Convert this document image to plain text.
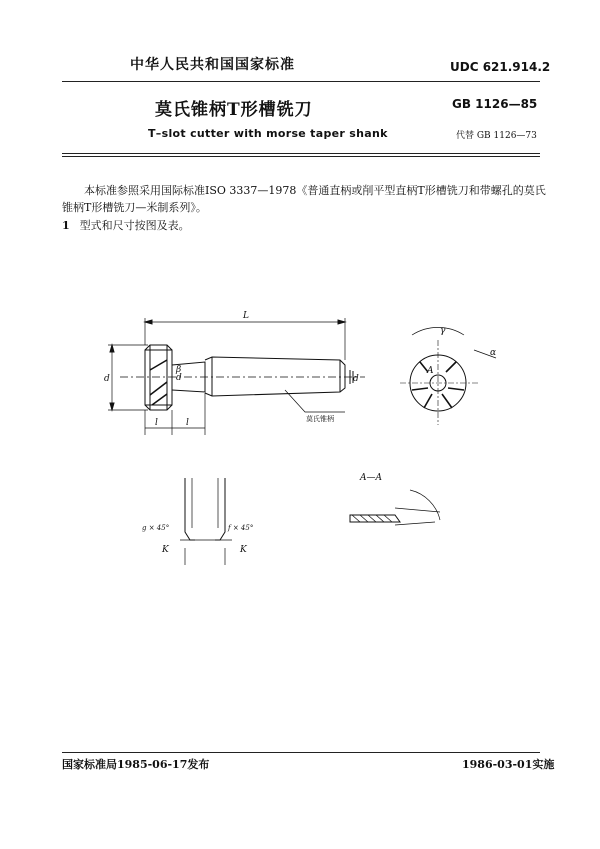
中华人民共和国国家标准	UDC 621.914.2
莫氏锥柄T形槽铣刀	GB 1126—85
T–slot cutter with morse taper shank	代替 GB 1126—73
本标准参照采用国际标准ISO 3337—1978《普通直柄或削平型直柄T形槽铣刀和带螺孔的莫氏锥柄T形槽铣刀—米制系列》。
1 型式和尺寸按图及表。
L
d	d	d
β
l	l	莫氏锥柄
A
γ
α
A—A
g × 45°	f × 45°
K	K
国家标准局1985-06-17发布	1986-03-01实施
